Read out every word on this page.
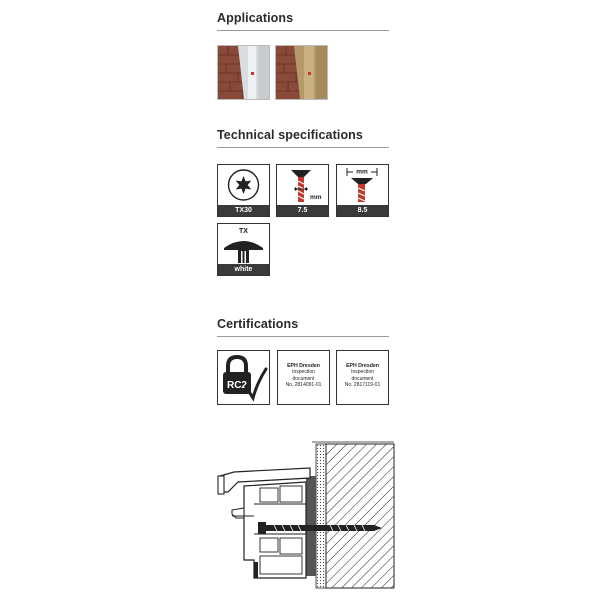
Applications
Technical specifications
TX30
mm
7.5
mm
8.5
TX
white
Certifications
RC2
EPH Dresden
Inspection
document
No. 2814091-01
EPH Dresden
Inspection
document
No. 2817119-01
